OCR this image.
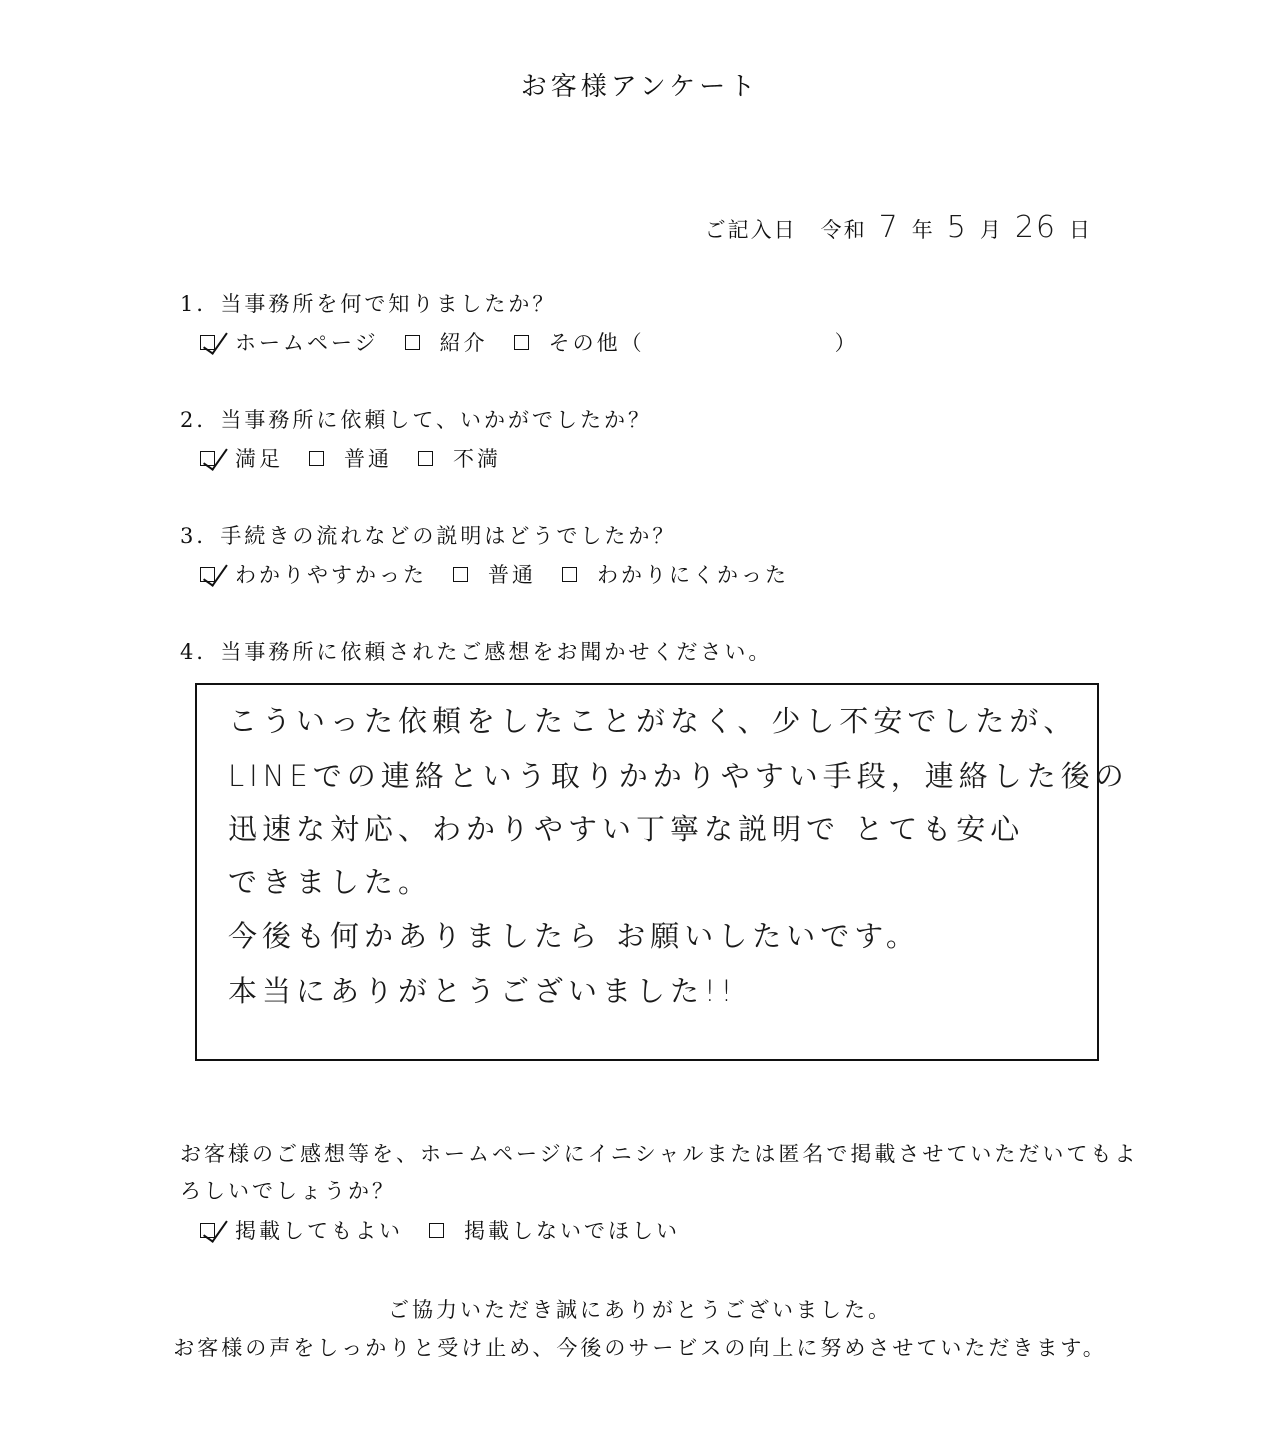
お客様アンケート
ご記入日 令和 7 年 5 月 26 日
1．当事務所を何で知りましたか？
ホームページ	紹介	その他（	）
2．当事務所に依頼して、いかがでしたか？
満足	普通	不満
3．手続きの流れなどの説明はどうでしたか？
わかりやすかった	普通	わかりにくかった
4．当事務所に依頼されたご感想をお聞かせください。
こういった依頼をしたことがなく、少し不安でしたが、
LINEでの連絡という取りかかりやすい手段，連絡した後の
迅速な対応、わかりやすい丁寧な説明で とても安心
できました。
今後も何かありましたら お願いしたいです。
本当にありがとうございました!!
お客様のご感想等を、ホームページにイニシャルまたは匿名で掲載させていただいてもよ
ろしいでしょうか？
掲載してもよい	掲載しないでほしい
ご協力いただき誠にありがとうございました。
お客様の声をしっかりと受け止め、今後のサービスの向上に努めさせていただきます。
